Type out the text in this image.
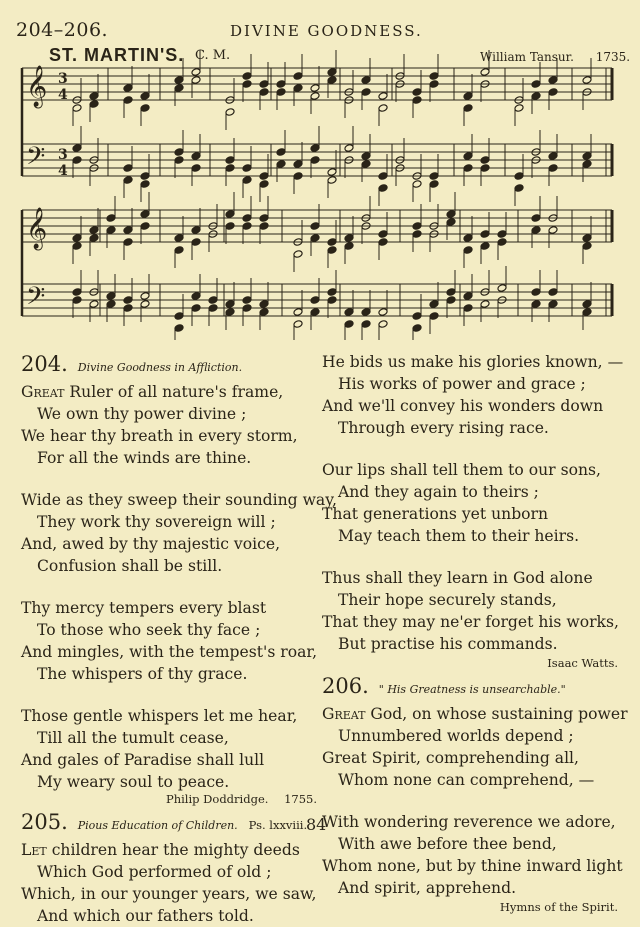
204–206.	DIVINE GOODNESS.
ST. MARTIN'S. C. M.	William Tansur. 1735.
𝄞
𝄢
𝄞
𝄢
3
4
3
4
204. Divine Goodness in Affliction.
Great Ruler of all nature's frame,
We own thy power divine ;
We hear thy breath in every storm,
For all the winds are thine.
Wide as they sweep their sounding way,
They work thy sovereign will ;
And, awed by thy majestic voice,
Confusion shall be still.
Thy mercy tempers every blast
To those who seek thy face ;
And mingles, with the tempest's roar,
The whispers of thy grace.
Those gentle whispers let me hear,
Till all the tumult cease,
And gales of Paradise shall lull
My weary soul to peace.
Philip Doddridge. 1755.
205. Pious Education of Children. Ps. lxxviii.
Let children hear the mighty deeds
Which God performed of old ;
Which, in our younger years, we saw,
And which our fathers told.
He bids us make his glories known, —
His works of power and grace ;
And we'll convey his wonders down
Through every rising race.
Our lips shall tell them to our sons,
And they again to theirs ;
That generations yet unborn
May teach them to their heirs.
Thus shall they learn in God alone
Their hope securely stands,
That they may ne'er forget his works,
But practise his commands.
Isaac Watts.
206. " His Greatness is unsearchable."
Great God, on whose sustaining power
Unnumbered worlds depend ;
Great Spirit, comprehending all,
Whom none can comprehend, —
With wondering reverence we adore,
With awe before thee bend,
Whom none, but by thine inward light
And spirit, apprehend.
Hymns of the Spirit.
84
